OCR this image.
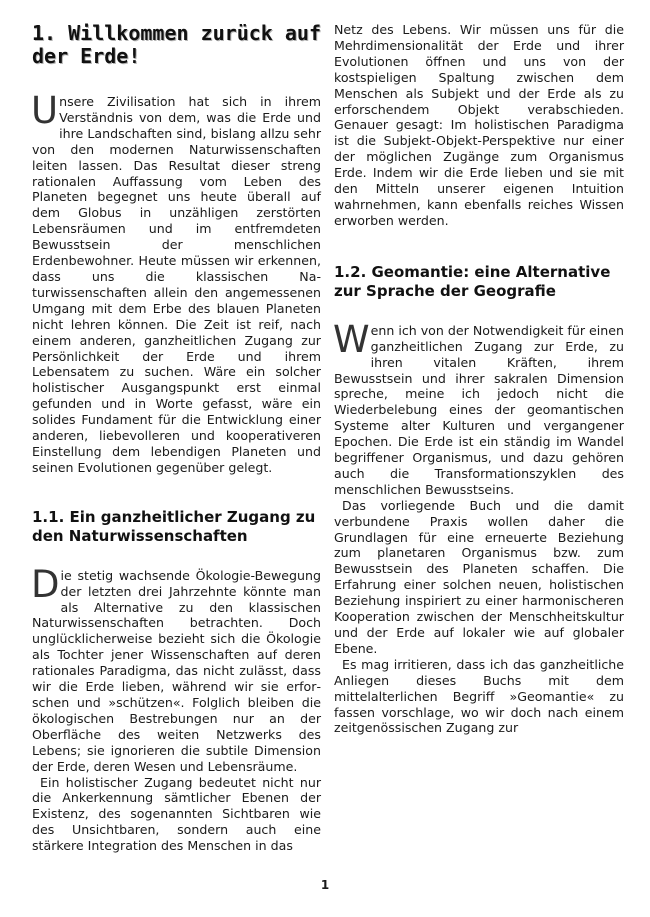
1. Willkommen zurück auf der Erde!

Unsere Zivilisation hat sich in ihrem Verständnis von dem, was die Erde und ihre Landschaften sind, bislang allzu sehr von den modernen Naturwissenschaften leiten lassen. Das Resultat dieser streng rationalen Auffassung vom Leben des Planeten begegnet uns heute überall auf dem Globus in unzähligen zerstörten Lebensräumen und im entfremdeten Bewusstsein der menschlichen Erdenbewohner. Heute müssen wir erkennen, dass uns die klassischen Naturwissenschaften allein den angemessenen Umgang mit dem Erbe des blauen Planeten nicht lehren können. Die Zeit ist reif, nach einem anderen, ganzheitlichen Zugang zur Persönlichkeit der Erde und ihrem Lebensatem zu suchen. Wäre ein solcher holistischer Ausgangspunkt erst einmal gefunden und in Worte gefasst, wäre ein solides Fundament für die Entwicklung einer anderen, liebevolleren und kooperativeren Einstellung dem lebendigen Planeten und seinen Evolutionen gegenüber gelegt.

1.1. Ein ganzheitlicher Zugang zu den Naturwissenschaften

Die stetig wachsende Ökologie-Bewegung der letzten drei Jahrzehnte könnte man als Alternative zu den klassischen Naturwissenschaften betrachten. Doch unglücklicherweise bezieht sich die Ökologie als Tochter jener Wissenschaften auf deren rationales Paradigma, das nicht zulässt, dass wir die Erde lieben, während wir sie erforschen und »schützen«. Folglich bleiben die ökologischen Bestrebungen nur an der Oberfläche des weiten Netzwerks des Lebens; sie ignorieren die subtile Dimension der Erde, deren Wesen und Lebensräume.

Ein holistischer Zugang bedeutet nicht nur die Ankerkennung sämtlicher Ebenen der Existenz, des sogenannten Sichtbaren wie des Unsichtbaren, sondern auch eine stärkere Integration des Menschen in das

Netz des Lebens. Wir müssen uns für die Mehrdimensionalität der Erde und ihrer Evolutionen öffnen und uns von der kostspieligen Spaltung zwischen dem Menschen als Subjekt und der Erde als zu erforschendem Objekt verabschieden. Genauer gesagt: Im holistischen Paradigma ist die Subjekt-Objekt-Perspektive nur einer der möglichen Zugänge zum Organismus Erde. Indem wir die Erde lieben und sie mit den Mitteln unserer eigenen Intuition wahrnehmen, kann ebenfalls reiches Wissen erworben werden.

1.2. Geomantie: eine Alternative zur Sprache der Geografie

Wenn ich von der Notwendigkeit für einen ganzheitlichen Zugang zur Erde, zu ihren vitalen Kräften, ihrem Bewusstsein und ihrer sakralen Dimension spreche, meine ich jedoch nicht die Wiederbelebung eines der geomantischen Systeme alter Kulturen und vergangener Epochen. Die Erde ist ein ständig im Wandel begriffener Organismus, und dazu gehören auch die Transformationszyklen des menschlichen Bewusstseins.

Das vorliegende Buch und die damit verbundene Praxis wollen daher die Grundlagen für eine erneuerte Beziehung zum planetaren Organismus bzw. zum Bewusstsein des Planeten schaffen. Die Erfahrung einer solchen neuen, holistischen Beziehung inspiriert zu einer harmonischeren Kooperation zwischen der Menschheitskultur und der Erde auf lokaler wie auf globaler Ebene.

Es mag irritieren, dass ich das ganzheitliche Anliegen dieses Buchs mit dem mittelalterlichen Begriff »Geomantie« zu fassen vorschlage, wo wir doch nach einem zeitgenössischen Zugang zur

1
